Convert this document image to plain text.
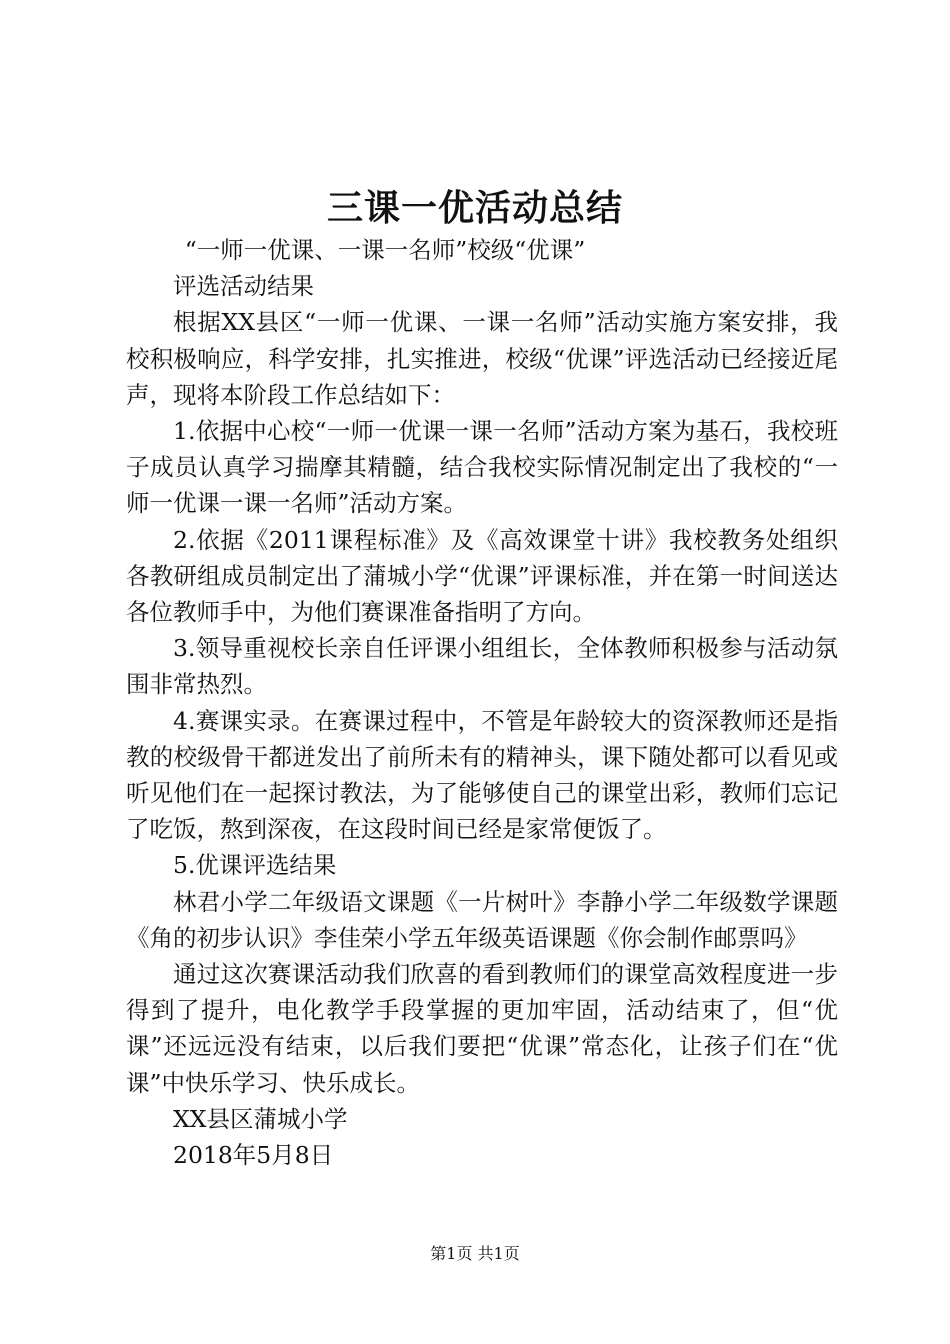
三课一优活动总结

“一师一优课、一课一名师”校级“优课”

评选活动结果

根据XX县区“一师一优课、一课一名师”活动实施方案安排，我校积极响应，科学安排，扎实推进，校级“优课”评选活动已经接近尾声，现将本阶段工作总结如下：

1.依据中心校“一师一优课一课一名师”活动方案为基石，我校班子成员认真学习揣摩其精髓，结合我校实际情况制定出了我校的“一师一优课一课一名师”活动方案。

2.依据《2011课程标准》及《高效课堂十讲》我校教务处组织各教研组成员制定出了蒲城小学“优课”评课标准，并在第一时间送达各位教师手中，为他们赛课准备指明了方向。

3.领导重视校长亲自任评课小组组长，全体教师积极参与活动氛围非常热烈。

4.赛课实录。在赛课过程中，不管是年龄较大的资深教师还是指教的校级骨干都迸发出了前所未有的精神头，课下随处都可以看见或听见他们在一起探讨教法，为了能够使自己的课堂出彩，教师们忘记了吃饭，熬到深夜，在这段时间已经是家常便饭了。

5.优课评选结果

林君小学二年级语文课题《一片树叶》李静小学二年级数学课题《角的初步认识》李佳荣小学五年级英语课题《你会制作邮票吗》

通过这次赛课活动我们欣喜的看到教师们的课堂高效程度进一步得到了提升，电化教学手段掌握的更加牢固，活动结束了，但“优课”还远远没有结束，以后我们要把“优课”常态化，让孩子们在“优课”中快乐学习、快乐成长。

XX县区蒲城小学

2018年5月8日

第1页 共1页
